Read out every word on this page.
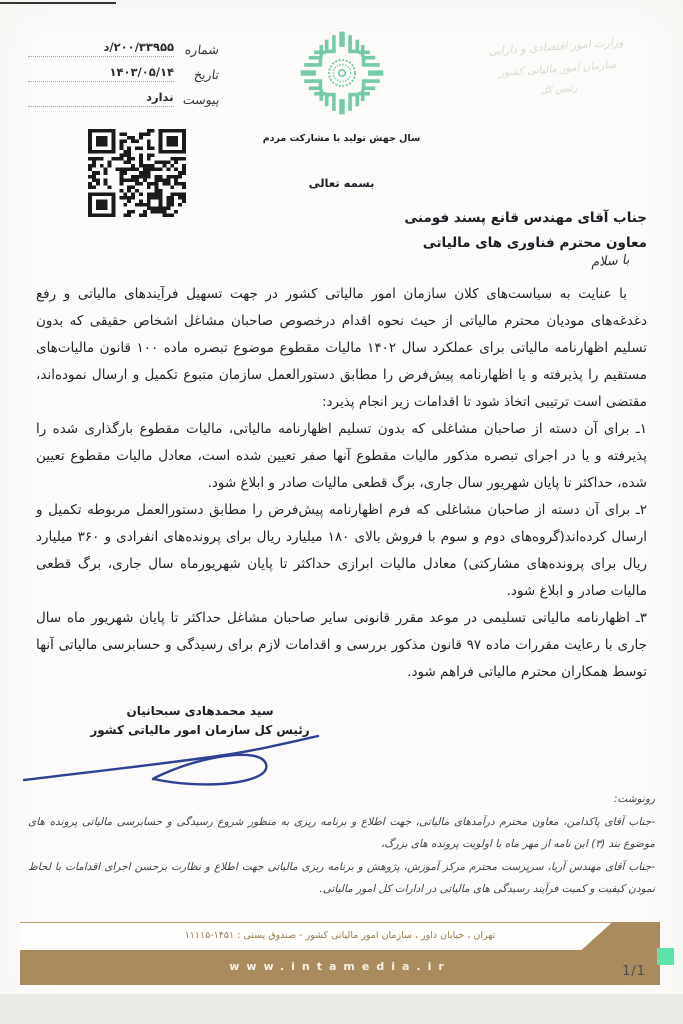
شماره
۲۰۰/۳۳۹۵۵/د
تاریخ
۱۴۰۳/۰۵/۱۴
پیوست
ندارد
وزارت امور اقتصادی و دارایی
سازمان امور مالیاتی کشور
رئیس کل
سال جهش تولید با مشارکت مردم
بسمه تعالی
جناب آقای مهندس قانع پسند فومنی
معاون محترم فناوری های مالیاتی
با سلام

با عنایت به سیاست‌های کلان سازمان امور مالیاتی کشور در جهت تسهیل فرآیندهای مالیاتی و رفع دغدغه‌های مودیان محترم مالیاتی از حیث نحوه اقدام درخصوص صاحبان مشاغل اشخاص حقیقی که بدون تسلیم اظهارنامه مالیاتی برای عملکرد سال ۱۴۰۲ مالیات مقطوع موضوع تبصره ماده ۱۰۰ قانون مالیات‌های مستقیم را پذیرفته و یا اظهارنامه پیش‌فرض را مطابق دستورالعمل سازمان متبوع تکمیل و ارسال نموده‌اند، مقتضی است ترتیبی اتخاذ شود تا اقدامات زیر انجام پذیرد:

۱ـ برای آن دسته از صاحبان مشاغلی که بدون تسلیم اظهارنامه مالیاتی، مالیات مقطوع بارگذاری شده را پذیرفته و یا در اجرای تبصره مذکور مالیات مقطوع آنها صفر تعیین شده است، معادل مالیات مقطوع تعیین شده، حداکثر تا پایان شهریور سال جاری، برگ قطعی مالیات صادر و ابلاغ شود.

۲ـ برای آن دسته از صاحبان مشاغلی که فرم اظهارنامه پیش‌فرض را مطابق دستورالعمل مربوطه تکمیل و ارسال کرده‌اند(گروه‌های دوم و سوم با فروش بالای ۱۸۰ میلیارد ریال برای پرونده‌های انفرادی و ۳۶۰ میلیارد ریال برای پرونده‌های مشارکتی) معادل مالیات ابرازی حداکثر تا پایان شهریورماه سال جاری، برگ قطعی مالیات صادر و ابلاغ شود.

۳ـ اظهارنامه مالیاتی تسلیمی در موعد مقرر قانونی سایر صاحبان مشاغل حداکثر تا پایان شهریور ماه سال جاری با رعایت مقررات ماده ۹۷ قانون مذکور بررسی و اقدامات لازم برای رسیدگی و حسابرسی مالیاتی آنها توسط همکاران محترم مالیاتی فراهم شود.

سید محمدهادی سبحانیان
رئیس کل سازمان امور مالیاتی کشور

رونوشت:

-جناب آقای پاکدامن، معاون محترم درآمدهای مالیاتی، جهت اطلاع و برنامه ریزی به منظور شروع رسیدگی و حسابرسی مالیاتی پرونده های موضوع بند (۳) این نامه از مهر ماه با اولویت پرونده های بزرگ،

-جناب آقای مهندس آریا، سرپرست محترم مرکز آموزش، پژوهش و برنامه ریزی مالیاتی جهت اطلاع و نظارت برحسن اجرای اقدامات با لحاظ نمودن کیفیت و کمیت فرآیند رسیدگی های مالیاتی در ادارات کل امور مالیاتی.

تهران ، خیابان داور ، سازمان امور مالیاتی کشور - صندوق پستی : ۱۴۵۱-۱۱۱۱۵
www.intamedia.ir	1/1
